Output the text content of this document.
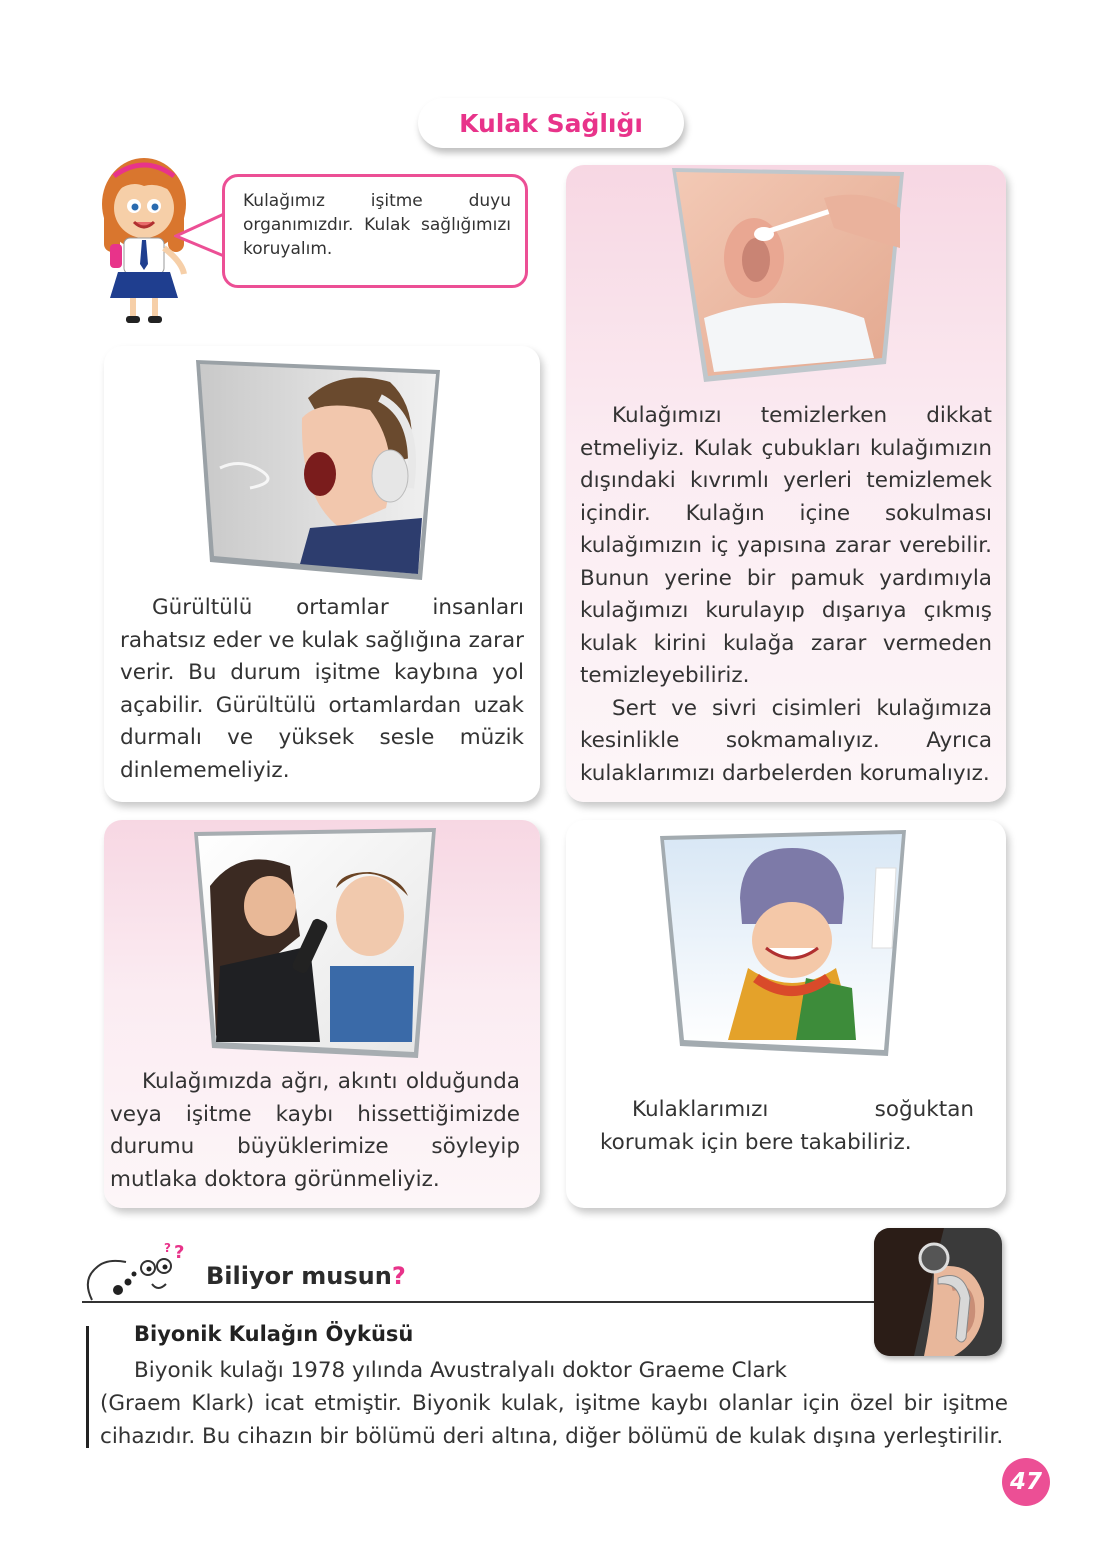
Kulak Sağlığı
Kulağımız işitme duyu organımızdır. Kulak sağlığımızı koruyalım.

Kulağımızı temizlerken dikkat etmeliyiz. Kulak çubukları kulağımızın dışındaki kıvrımlı yerleri temizlemek içindir. Kulağın içine sokulması kulağımızın iç yapısına zarar verebilir. Bunun yerine bir pamuk yardımıyla kulağımızı kurulayıp dışarıya çıkmış kulak kirini kulağa zarar vermeden temizleyebiliriz.

Sert ve sivri cisimleri kulağımıza kesinlikle sokmamalıyız. Ayrıca kulaklarımızı darbelerden korumalıyız.

Gürültülü ortamlar insanları rahatsız eder ve kulak sağlığına zarar verir. Bu durum işitme kaybına yol açabilir. Gürültülü ortamlardan uzak durmalı ve yüksek sesle müzik dinlememeliyiz.

Kulağımızda ağrı, akıntı olduğunda veya işitme kaybı hissettiğimizde durumu büyüklerimize söyleyip mutlaka doktora görünmeliyiz.

Kulaklarımızı soğuktan korumak için bere takabiliriz.

?
?
Biliyor musun?
Biyonik Kulağın Öyküsü
Biyonik kulağı 1978 yılında Avustralyalı doktor Graeme Clark
(Graem Klark) icat etmiştir. Biyonik kulak, işitme kaybı olanlar için özel bir işitme cihazıdır. Bu cihazın bir bölümü deri altına, diğer bölümü de kulak dışına yerleştirilir.
47
